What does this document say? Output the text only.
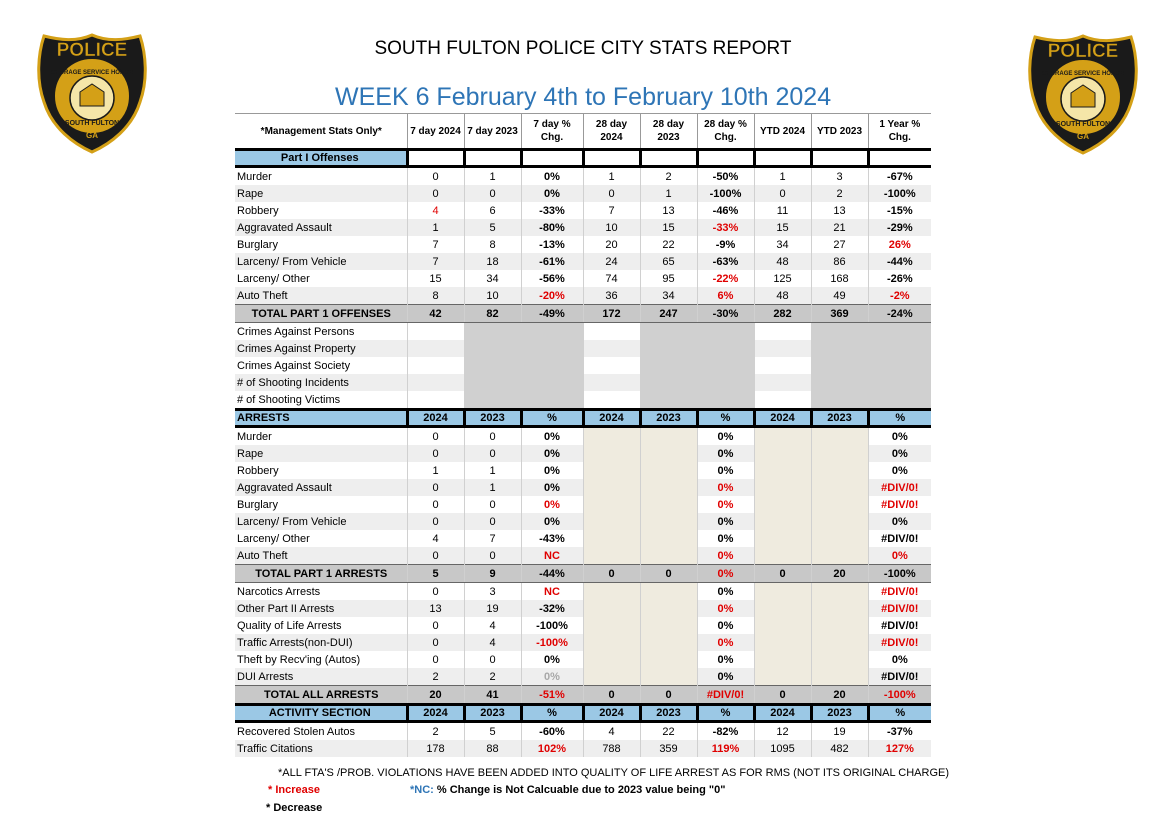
POLICE
COURAGE SERVICE HONOR
SOUTH FULTON
GA
POLICE
COURAGE SERVICE HONOR
SOUTH FULTON
GA
SOUTH FULTON POLICE CITY STATS REPORT
WEEK 6 February 4th to February 10th 2024									
*Management Stats Only*	7 day 2024	7 day 2023	7 day % Chg.	28 day 2024	28 day 2023	28 day % Chg.	YTD 2024	YTD 2023	1 Year % Chg.
Part I Offenses									
Murder	0	1	0%	1	2	-50%	1	3	-67%
Rape	0	0	0%	0	1	-100%	0	2	-100%
Robbery	4	6	-33%	7	13	-46%	11	13	-15%
Aggravated Assault	1	5	-80%	10	15	-33%	15	21	-29%
Burglary	7	8	-13%	20	22	-9%	34	27	26%
Larceny/ From Vehicle	7	18	-61%	24	65	-63%	48	86	-44%
Larceny/ Other	15	34	-56%	74	95	-22%	125	168	-26%
Auto Theft	8	10	-20%	36	34	6%	48	49	-2%
TOTAL PART 1 OFFENSES	42	82	-49%	172	247	-30%	282	369	-24%
Crimes Against Persons									
Crimes Against Property									
Crimes Against Society									
# of Shooting Incidents									
# of Shooting Victims									
ARRESTS	2024	2023	%	2024	2023	%	2024	2023	%
Murder	0	0	0%			0%			0%
Rape	0	0	0%			0%			0%
Robbery	1	1	0%			0%			0%
Aggravated Assault	0	1	0%			0%			#DIV/0!
Burglary	0	0	0%			0%			#DIV/0!
Larceny/ From Vehicle	0	0	0%			0%			0%
Larceny/ Other	4	7	-43%			0%			#DIV/0!
Auto Theft	0	0	NC			0%			0%
TOTAL PART 1 ARRESTS	5	9	-44%	0	0	0%	0	20	-100%
Narcotics Arrests	0	3	NC			0%			#DIV/0!
Other Part II Arrests	13	19	-32%			0%			#DIV/0!
Quality of Life Arrests	0	4	-100%			0%			#DIV/0!
Traffic Arrests(non-DUI)	0	4	-100%			0%			#DIV/0!
Theft by Recv'ing (Autos)	0	0	0%			0%			0%
DUI Arrests	2	2	0%			0%			#DIV/0!
TOTAL ALL ARRESTS	20	41	-51%	0	0	#DIV/0!	0	20	-100%
ACTIVITY SECTION	2024	2023	%	2024	2023	%	2024	2023	%
Recovered Stolen Autos	2	5	-60%	4	22	-82%	12	19	-37%
Traffic Citations	178	88	102%	788	359	119%	1095	482	127%
*ALL FTA'S /PROB. VIOLATIONS HAVE BEEN ADDED INTO QUALITY OF LIFE ARREST AS FOR RMS (NOT ITS ORIGINAL CHARGE)
* Increase
* Decrease
*NC: % Change is Not Calcuable due to 2023 value being "0"
